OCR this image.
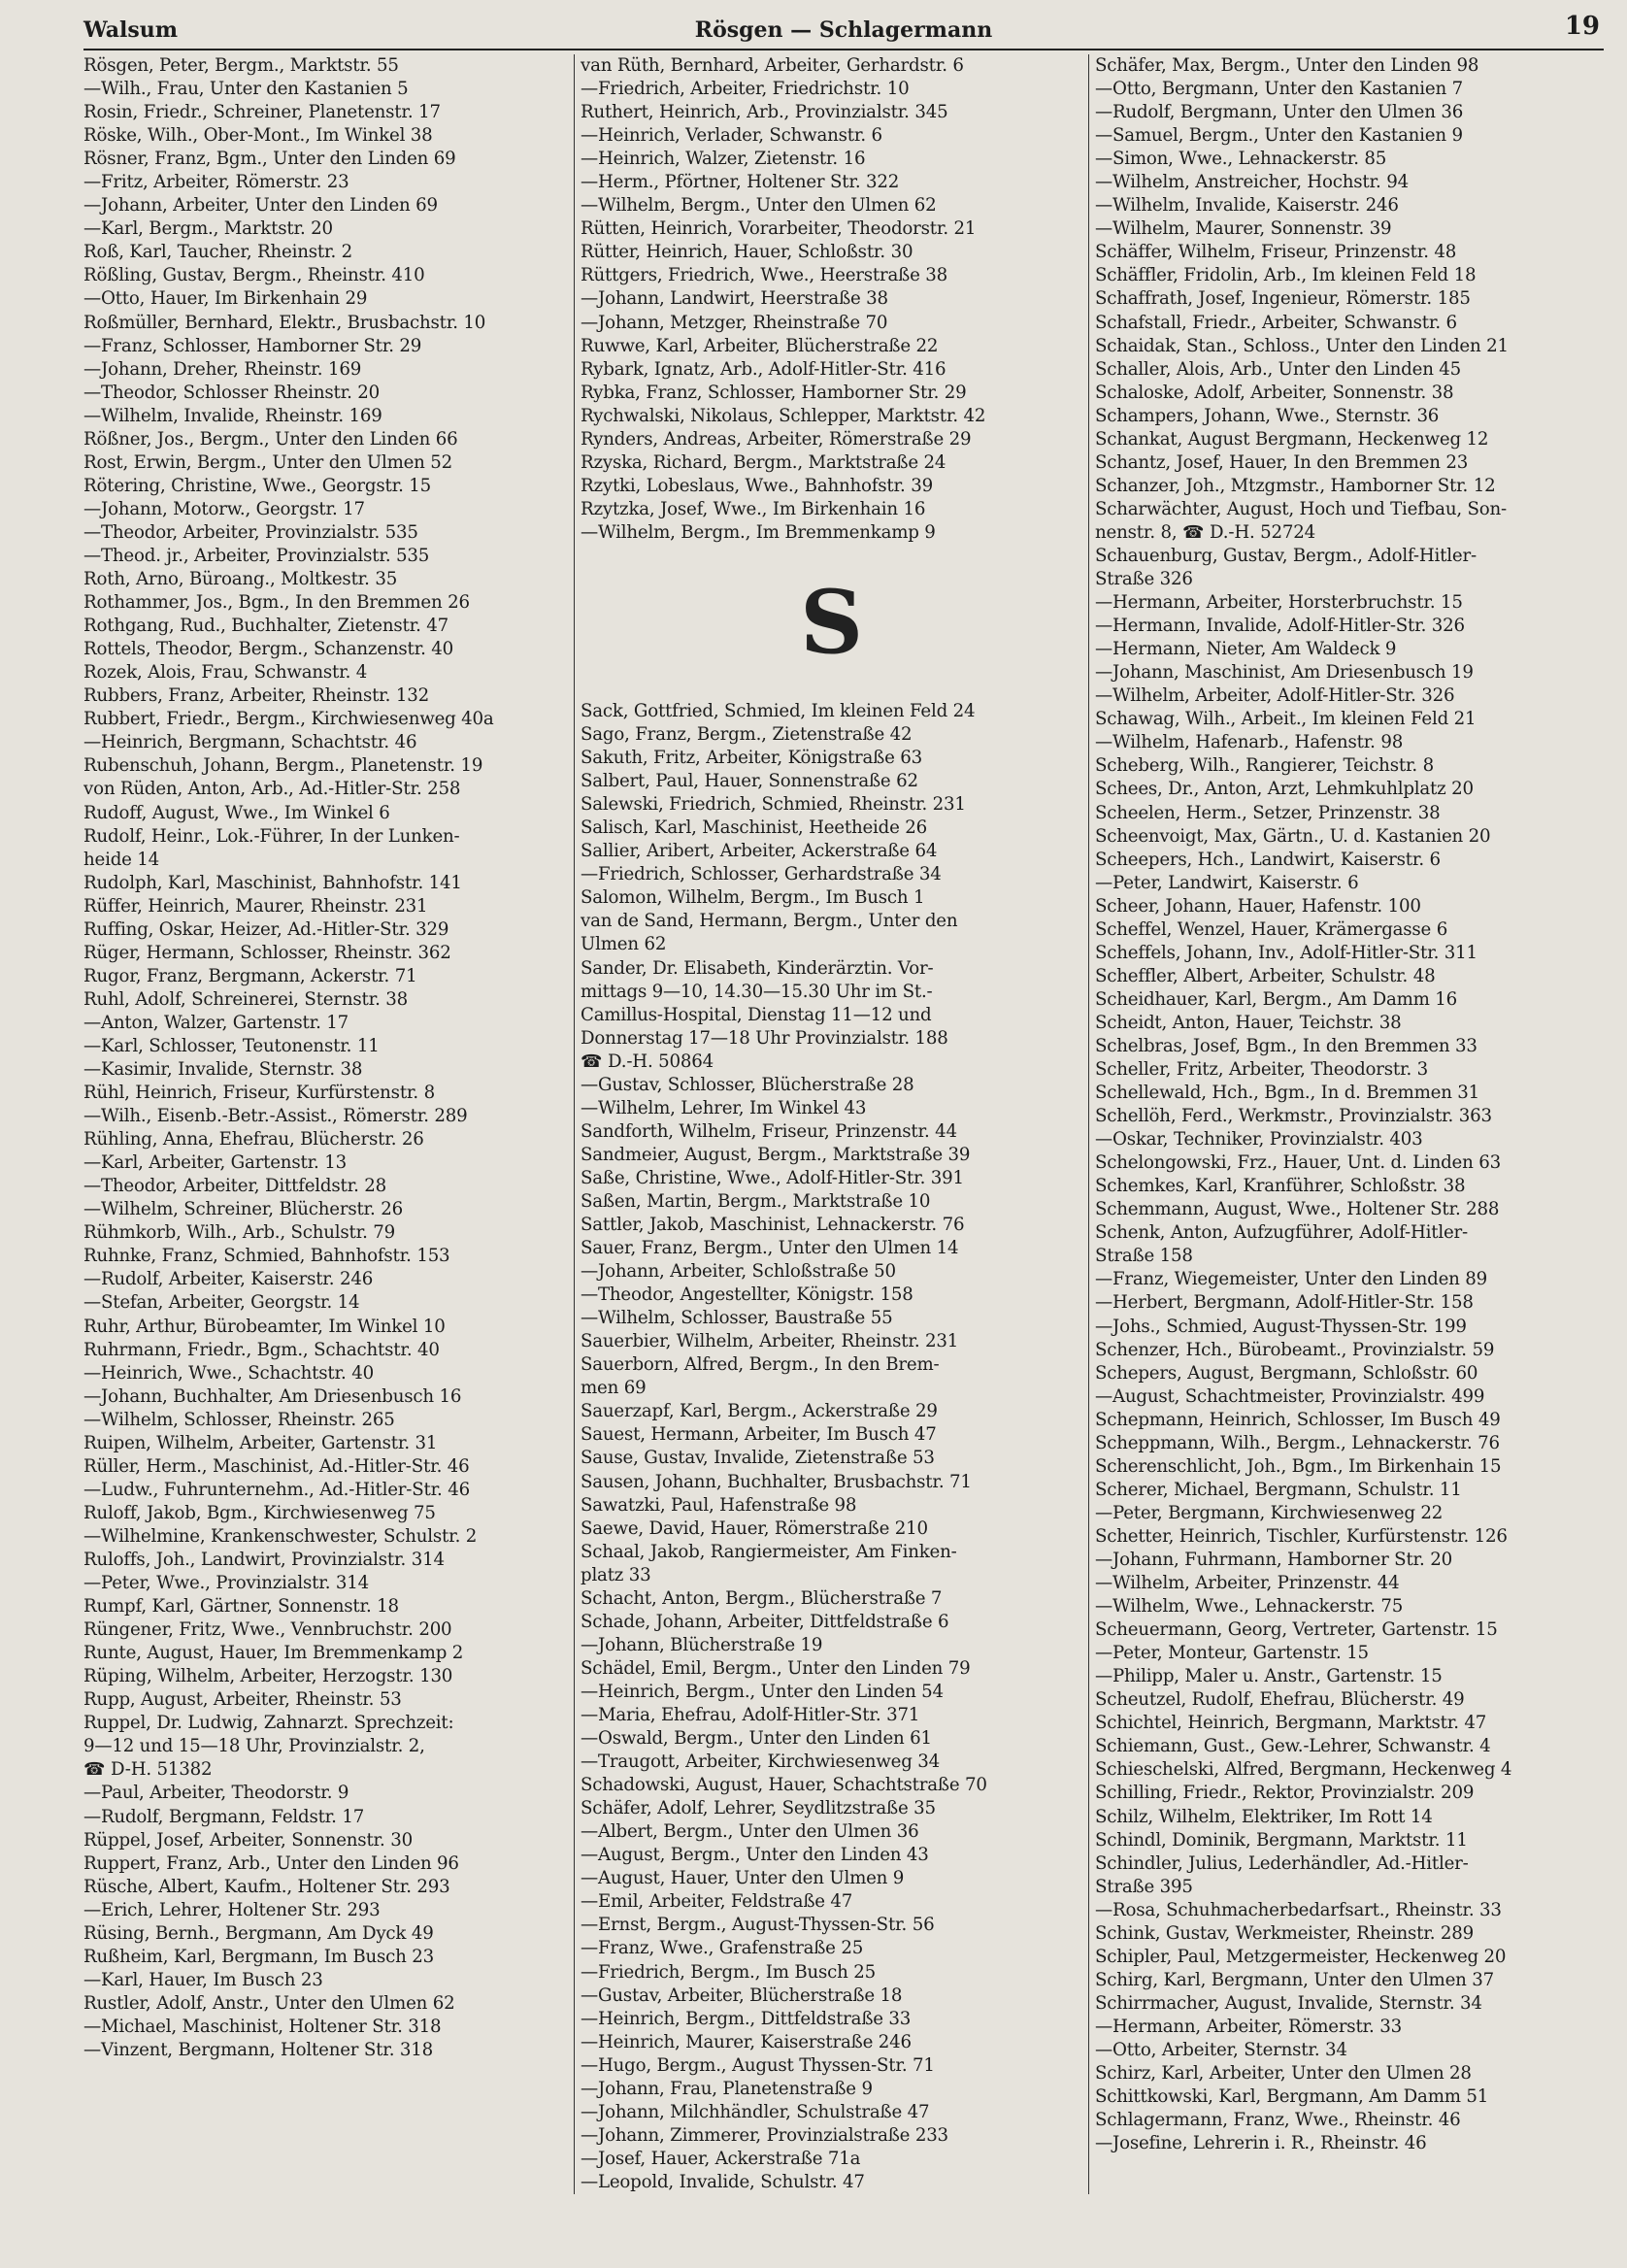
Walsum	Rösgen — Schlagermann	19
Rösgen, Peter, Bergm., Marktstr. 55
—Wilh., Frau, Unter den Kastanien 5
Rosin, Friedr., Schreiner, Planetenstr. 17
Röske, Wilh., Ober-Mont., Im Winkel 38
Rösner, Franz, Bgm., Unter den Linden 69
—Fritz, Arbeiter, Römerstr. 23
—Johann, Arbeiter, Unter den Linden 69
—Karl, Bergm., Marktstr. 20
Roß, Karl, Taucher, Rheinstr. 2
Rößling, Gustav, Bergm., Rheinstr. 410
—Otto, Hauer, Im Birkenhain 29
Roßmüller, Bernhard, Elektr., Brusbachstr. 10
—Franz, Schlosser, Hamborner Str. 29
—Johann, Dreher, Rheinstr. 169
—Theodor, Schlosser Rheinstr. 20
—Wilhelm, Invalide, Rheinstr. 169
Rößner, Jos., Bergm., Unter den Linden 66
Rost, Erwin, Bergm., Unter den Ulmen 52
Rötering, Christine, Wwe., Georgstr. 15
—Johann, Motorw., Georgstr. 17
—Theodor, Arbeiter, Provinzialstr. 535
—Theod. jr., Arbeiter, Provinzialstr. 535
Roth, Arno, Büroang., Moltkestr. 35
Rothammer, Jos., Bgm., In den Bremmen 26
Rothgang, Rud., Buchhalter, Zietenstr. 47
Rottels, Theodor, Bergm., Schanzenstr. 40
Rozek, Alois, Frau, Schwanstr. 4
Rubbers, Franz, Arbeiter, Rheinstr. 132
Rubbert, Friedr., Bergm., Kirchwiesenweg 40a
—Heinrich, Bergmann, Schachtstr. 46
Rubenschuh, Johann, Bergm., Planetenstr. 19
von Rüden, Anton, Arb., Ad.-Hitler-Str. 258
Rudoff, August, Wwe., Im Winkel 6
Rudolf, Heinr., Lok.-Führer, In der Lunken-
heide 14
Rudolph, Karl, Maschinist, Bahnhofstr. 141
Rüffer, Heinrich, Maurer, Rheinstr. 231
Ruffing, Oskar, Heizer, Ad.-Hitler-Str. 329
Rüger, Hermann, Schlosser, Rheinstr. 362
Rugor, Franz, Bergmann, Ackerstr. 71
Ruhl, Adolf, Schreinerei, Sternstr. 38
—Anton, Walzer, Gartenstr. 17
—Karl, Schlosser, Teutonenstr. 11
—Kasimir, Invalide, Sternstr. 38
Rühl, Heinrich, Friseur, Kurfürstenstr. 8
—Wilh., Eisenb.-Betr.-Assist., Römerstr. 289
Rühling, Anna, Ehefrau, Blücherstr. 26
—Karl, Arbeiter, Gartenstr. 13
—Theodor, Arbeiter, Dittfeldstr. 28
—Wilhelm, Schreiner, Blücherstr. 26
Rühmkorb, Wilh., Arb., Schulstr. 79
Ruhnke, Franz, Schmied, Bahnhofstr. 153
—Rudolf, Arbeiter, Kaiserstr. 246
—Stefan, Arbeiter, Georgstr. 14
Ruhr, Arthur, Bürobeamter, Im Winkel 10
Ruhrmann, Friedr., Bgm., Schachtstr. 40
—Heinrich, Wwe., Schachtstr. 40
—Johann, Buchhalter, Am Driesenbusch 16
—Wilhelm, Schlosser, Rheinstr. 265
Ruipen, Wilhelm, Arbeiter, Gartenstr. 31
Rüller, Herm., Maschinist, Ad.-Hitler-Str. 46
—Ludw., Fuhrunternehm., Ad.-Hitler-Str. 46
Ruloff, Jakob, Bgm., Kirchwiesenweg 75
—Wilhelmine, Krankenschwester, Schulstr. 2
Ruloffs, Joh., Landwirt, Provinzialstr. 314
—Peter, Wwe., Provinzialstr. 314
Rumpf, Karl, Gärtner, Sonnenstr. 18
Rüngener, Fritz, Wwe., Vennbruchstr. 200
Runte, August, Hauer, Im Bremmenkamp 2
Rüping, Wilhelm, Arbeiter, Herzogstr. 130
Rupp, August, Arbeiter, Rheinstr. 53
Ruppel, Dr. Ludwig, Zahnarzt. Sprechzeit:
9—12 und 15—18 Uhr, Provinzialstr. 2,
☎ D-H. 51382
—Paul, Arbeiter, Theodorstr. 9
—Rudolf, Bergmann, Feldstr. 17
Rüppel, Josef, Arbeiter, Sonnenstr. 30
Ruppert, Franz, Arb., Unter den Linden 96
Rüsche, Albert, Kaufm., Holtener Str. 293
—Erich, Lehrer, Holtener Str. 293
Rüsing, Bernh., Bergmann, Am Dyck 49
Rußheim, Karl, Bergmann, Im Busch 23
—Karl, Hauer, Im Busch 23
Rustler, Adolf, Anstr., Unter den Ulmen 62
—Michael, Maschinist, Holtener Str. 318
—Vinzent, Bergmann, Holtener Str. 318
van Rüth, Bernhard, Arbeiter, Gerhardstr. 6
—Friedrich, Arbeiter, Friedrichstr. 10
Ruthert, Heinrich, Arb., Provinzialstr. 345
—Heinrich, Verlader, Schwanstr. 6
—Heinrich, Walzer, Zietenstr. 16
—Herm., Pförtner, Holtener Str. 322
—Wilhelm, Bergm., Unter den Ulmen 62
Rütten, Heinrich, Vorarbeiter, Theodorstr. 21
Rütter, Heinrich, Hauer, Schloßstr. 30
Rüttgers, Friedrich, Wwe., Heerstraße 38
—Johann, Landwirt, Heerstraße 38
—Johann, Metzger, Rheinstraße 70
Ruwwe, Karl, Arbeiter, Blücherstraße 22
Rybark, Ignatz, Arb., Adolf-Hitler-Str. 416
Rybka, Franz, Schlosser, Hamborner Str. 29
Rychwalski, Nikolaus, Schlepper, Marktstr. 42
Rynders, Andreas, Arbeiter, Römerstraße 29
Rzyska, Richard, Bergm., Marktstraße 24
Rzytki, Lobeslaus, Wwe., Bahnhofstr. 39
Rzytzka, Josef, Wwe., Im Birkenhain 16
—Wilhelm, Bergm., Im Bremmenkamp 9
S
Sack, Gottfried, Schmied, Im kleinen Feld 24
Sago, Franz, Bergm., Zietenstraße 42
Sakuth, Fritz, Arbeiter, Königstraße 63
Salbert, Paul, Hauer, Sonnenstraße 62
Salewski, Friedrich, Schmied, Rheinstr. 231
Salisch, Karl, Maschinist, Heetheide 26
Sallier, Aribert, Arbeiter, Ackerstraße 64
—Friedrich, Schlosser, Gerhardstraße 34
Salomon, Wilhelm, Bergm., Im Busch 1
van de Sand, Hermann, Bergm., Unter den
Ulmen 62
Sander, Dr. Elisabeth, Kinderärztin. Vor-
mittags 9—10, 14.30—15.30 Uhr im St.-
Camillus-Hospital, Dienstag 11—12 und
Donnerstag 17—18 Uhr Provinzialstr. 188
☎ D.-H. 50864
—Gustav, Schlosser, Blücherstraße 28
—Wilhelm, Lehrer, Im Winkel 43
Sandforth, Wilhelm, Friseur, Prinzenstr. 44
Sandmeier, August, Bergm., Marktstraße 39
Saße, Christine, Wwe., Adolf-Hitler-Str. 391
Saßen, Martin, Bergm., Marktstraße 10
Sattler, Jakob, Maschinist, Lehnackerstr. 76
Sauer, Franz, Bergm., Unter den Ulmen 14
—Johann, Arbeiter, Schloßstraße 50
—Theodor, Angestellter, Königstr. 158
—Wilhelm, Schlosser, Baustraße 55
Sauerbier, Wilhelm, Arbeiter, Rheinstr. 231
Sauerborn, Alfred, Bergm., In den Brem-
men 69
Sauerzapf, Karl, Bergm., Ackerstraße 29
Sauest, Hermann, Arbeiter, Im Busch 47
Sause, Gustav, Invalide, Zietenstraße 53
Sausen, Johann, Buchhalter, Brusbachstr. 71
Sawatzki, Paul, Hafenstraße 98
Saewe, David, Hauer, Römerstraße 210
Schaal, Jakob, Rangiermeister, Am Finken-
platz 33
Schacht, Anton, Bergm., Blücherstraße 7
Schade, Johann, Arbeiter, Dittfeldstraße 6
—Johann, Blücherstraße 19
Schädel, Emil, Bergm., Unter den Linden 79
—Heinrich, Bergm., Unter den Linden 54
—Maria, Ehefrau, Adolf-Hitler-Str. 371
—Oswald, Bergm., Unter den Linden 61
—Traugott, Arbeiter, Kirchwiesenweg 34
Schadowski, August, Hauer, Schachtstraße 70
Schäfer, Adolf, Lehrer, Seydlitzstraße 35
—Albert, Bergm., Unter den Ulmen 36
—August, Bergm., Unter den Linden 43
—August, Hauer, Unter den Ulmen 9
—Emil, Arbeiter, Feldstraße 47
—Ernst, Bergm., August-Thyssen-Str. 56
—Franz, Wwe., Grafenstraße 25
—Friedrich, Bergm., Im Busch 25
—Gustav, Arbeiter, Blücherstraße 18
—Heinrich, Bergm., Dittfeldstraße 33
—Heinrich, Maurer, Kaiserstraße 246
—Hugo, Bergm., August Thyssen-Str. 71
—Johann, Frau, Planetenstraße 9
—Johann, Milchhändler, Schulstraße 47
—Johann, Zimmerer, Provinzialstraße 233
—Josef, Hauer, Ackerstraße 71a
—Leopold, Invalide, Schulstr. 47
Schäfer, Max, Bergm., Unter den Linden 98
—Otto, Bergmann, Unter den Kastanien 7
—Rudolf, Bergmann, Unter den Ulmen 36
—Samuel, Bergm., Unter den Kastanien 9
—Simon, Wwe., Lehnackerstr. 85
—Wilhelm, Anstreicher, Hochstr. 94
—Wilhelm, Invalide, Kaiserstr. 246
—Wilhelm, Maurer, Sonnenstr. 39
Schäffer, Wilhelm, Friseur, Prinzenstr. 48
Schäffler, Fridolin, Arb., Im kleinen Feld 18
Schaffrath, Josef, Ingenieur, Römerstr. 185
Schafstall, Friedr., Arbeiter, Schwanstr. 6
Schaidak, Stan., Schloss., Unter den Linden 21
Schaller, Alois, Arb., Unter den Linden 45
Schaloske, Adolf, Arbeiter, Sonnenstr. 38
Schampers, Johann, Wwe., Sternstr. 36
Schankat, August Bergmann, Heckenweg 12
Schantz, Josef, Hauer, In den Bremmen 23
Schanzer, Joh., Mtzgmstr., Hamborner Str. 12
Scharwächter, August, Hoch und Tiefbau, Son-
nenstr. 8, ☎ D.-H. 52724
Schauenburg, Gustav, Bergm., Adolf-Hitler-
Straße 326
—Hermann, Arbeiter, Horsterbruchstr. 15
—Hermann, Invalide, Adolf-Hitler-Str. 326
—Hermann, Nieter, Am Waldeck 9
—Johann, Maschinist, Am Driesenbusch 19
—Wilhelm, Arbeiter, Adolf-Hitler-Str. 326
Schawag, Wilh., Arbeit., Im kleinen Feld 21
—Wilhelm, Hafenarb., Hafenstr. 98
Scheberg, Wilh., Rangierer, Teichstr. 8
Schees, Dr., Anton, Arzt, Lehmkuhlplatz 20
Scheelen, Herm., Setzer, Prinzenstr. 38
Scheenvoigt, Max, Gärtn., U. d. Kastanien 20
Scheepers, Hch., Landwirt, Kaiserstr. 6
—Peter, Landwirt, Kaiserstr. 6
Scheer, Johann, Hauer, Hafenstr. 100
Scheffel, Wenzel, Hauer, Krämergasse 6
Scheffels, Johann, Inv., Adolf-Hitler-Str. 311
Scheffler, Albert, Arbeiter, Schulstr. 48
Scheidhauer, Karl, Bergm., Am Damm 16
Scheidt, Anton, Hauer, Teichstr. 38
Schelbras, Josef, Bgm., In den Bremmen 33
Scheller, Fritz, Arbeiter, Theodorstr. 3
Schellewald, Hch., Bgm., In d. Bremmen 31
Schellöh, Ferd., Werkmstr., Provinzialstr. 363
—Oskar, Techniker, Provinzialstr. 403
Schelongowski, Frz., Hauer, Unt. d. Linden 63
Schemkes, Karl, Kranführer, Schloßstr. 38
Schemmann, August, Wwe., Holtener Str. 288
Schenk, Anton, Aufzugführer, Adolf-Hitler-
Straße 158
—Franz, Wiegemeister, Unter den Linden 89
—Herbert, Bergmann, Adolf-Hitler-Str. 158
—Johs., Schmied, August-Thyssen-Str. 199
Schenzer, Hch., Bürobeamt., Provinzialstr. 59
Schepers, August, Bergmann, Schloßstr. 60
—August, Schachtmeister, Provinzialstr. 499
Schepmann, Heinrich, Schlosser, Im Busch 49
Scheppmann, Wilh., Bergm., Lehnackerstr. 76
Scherenschlicht, Joh., Bgm., Im Birkenhain 15
Scherer, Michael, Bergmann, Schulstr. 11
—Peter, Bergmann, Kirchwiesenweg 22
Schetter, Heinrich, Tischler, Kurfürstenstr. 126
—Johann, Fuhrmann, Hamborner Str. 20
—Wilhelm, Arbeiter, Prinzenstr. 44
—Wilhelm, Wwe., Lehnackerstr. 75
Scheuermann, Georg, Vertreter, Gartenstr. 15
—Peter, Monteur, Gartenstr. 15
—Philipp, Maler u. Anstr., Gartenstr. 15
Scheutzel, Rudolf, Ehefrau, Blücherstr. 49
Schichtel, Heinrich, Bergmann, Marktstr. 47
Schiemann, Gust., Gew.-Lehrer, Schwanstr. 4
Schieschelski, Alfred, Bergmann, Heckenweg 4
Schilling, Friedr., Rektor, Provinzialstr. 209
Schilz, Wilhelm, Elektriker, Im Rott 14
Schindl, Dominik, Bergmann, Marktstr. 11
Schindler, Julius, Lederhändler, Ad.-Hitler-
Straße 395
—Rosa, Schuhmacherbedarfsart., Rheinstr. 33
Schink, Gustav, Werkmeister, Rheinstr. 289
Schipler, Paul, Metzgermeister, Heckenweg 20
Schirg, Karl, Bergmann, Unter den Ulmen 37
Schirrmacher, August, Invalide, Sternstr. 34
—Hermann, Arbeiter, Römerstr. 33
—Otto, Arbeiter, Sternstr. 34
Schirz, Karl, Arbeiter, Unter den Ulmen 28
Schittkowski, Karl, Bergmann, Am Damm 51
Schlagermann, Franz, Wwe., Rheinstr. 46
—Josefine, Lehrerin i. R., Rheinstr. 46
